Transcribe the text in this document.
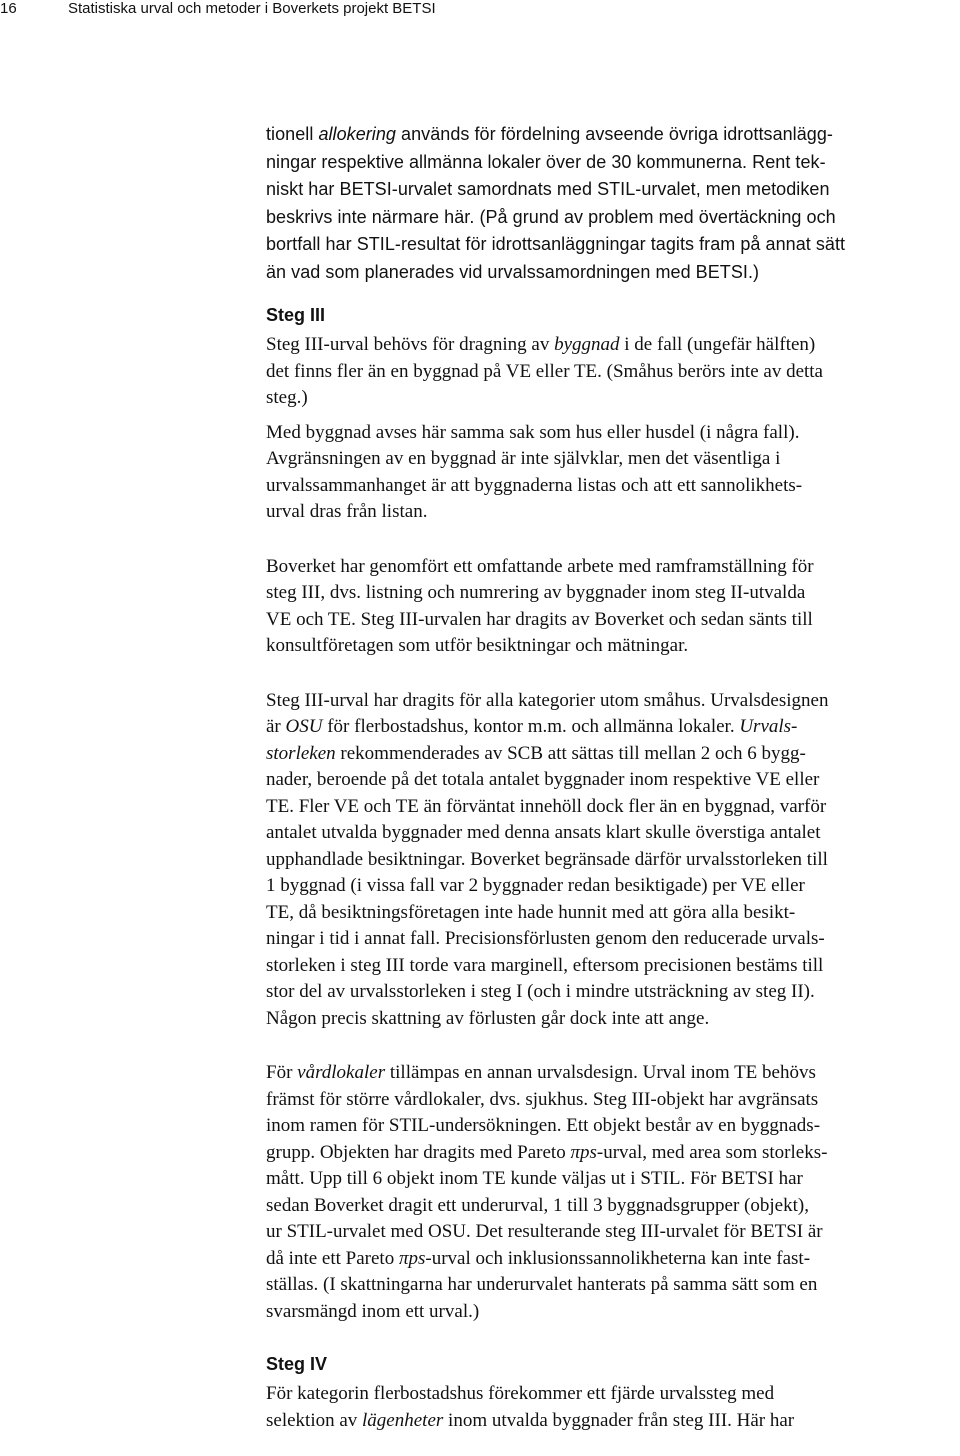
16	Statistiska urval och metoder i Boverkets projekt BETSI

tionell allokering används för fördelning avseende övriga idrottsanlägg-
ningar respektive allmänna lokaler över de 30 kommunerna. Rent tek-
niskt har BETSI-urvalet samordnats med STIL-urvalet, men metodiken
beskrivs inte närmare här. (På grund av problem med övertäckning och
bortfall har STIL-resultat för idrottsanläggningar tagits fram på annat sätt
än vad som planerades vid urvalssamordningen med BETSI.)

Steg III

Steg III-urval behövs för dragning av byggnad i de fall (ungefär hälften)
det finns fler än en byggnad på VE eller TE. (Småhus berörs inte av detta
steg.)

Med byggnad avses här samma sak som hus eller husdel (i några fall).
Avgränsningen av en byggnad är inte självklar, men det väsentliga i
urvalssammanhanget är att byggnaderna listas och att ett sannolikhets-
urval dras från listan.

Boverket har genomfört ett omfattande arbete med ramframställning för
steg III, dvs. listning och numrering av byggnader inom steg II-utvalda
VE och TE. Steg III-urvalen har dragits av Boverket och sedan sänts till
konsultföretagen som utför besiktningar och mätningar.

Steg III-urval har dragits för alla kategorier utom småhus. Urvalsdesignen
är OSU för flerbostadshus, kontor m.m. och allmänna lokaler. Urvals-
storleken rekommenderades av SCB att sättas till mellan 2 och 6 bygg-
nader, beroende på det totala antalet byggnader inom respektive VE eller
TE. Fler VE och TE än förväntat innehöll dock fler än en byggnad, varför
antalet utvalda byggnader med denna ansats klart skulle överstiga antalet
upphandlade besiktningar. Boverket begränsade därför urvalsstorleken till
1 byggnad (i vissa fall var 2 byggnader redan besiktigade) per VE eller
TE, då besiktningsföretagen inte hade hunnit med att göra alla besikt-
ningar i tid i annat fall. Precisionsförlusten genom den reducerade urvals-
storleken i steg III torde vara marginell, eftersom precisionen bestäms till
stor del av urvalsstorleken i steg I (och i mindre utsträckning av steg II).
Någon precis skattning av förlusten går dock inte att ange.

För vårdlokaler tillämpas en annan urvalsdesign. Urval inom TE behövs
främst för större vårdlokaler, dvs. sjukhus. Steg III-objekt har avgränsats
inom ramen för STIL-undersökningen. Ett objekt består av en byggnads-
grupp. Objekten har dragits med Pareto πps-urval, med area som storleks-
mått. Upp till 6 objekt inom TE kunde väljas ut i STIL. För BETSI har
sedan Boverket dragit ett underurval, 1 till 3 byggnadsgrupper (objekt),
ur STIL-urvalet med OSU. Det resulterande steg III-urvalet för BETSI är
då inte ett Pareto πps-urval och inklusionssannolikheterna kan inte fast-
ställas. (I skattningarna har underurvalet hanterats på samma sätt som en
svarsmängd inom ett urval.)

Steg IV

För kategorin flerbostadshus förekommer ett fjärde urvalssteg med
selektion av lägenheter inom utvalda byggnader från steg III. Här har
